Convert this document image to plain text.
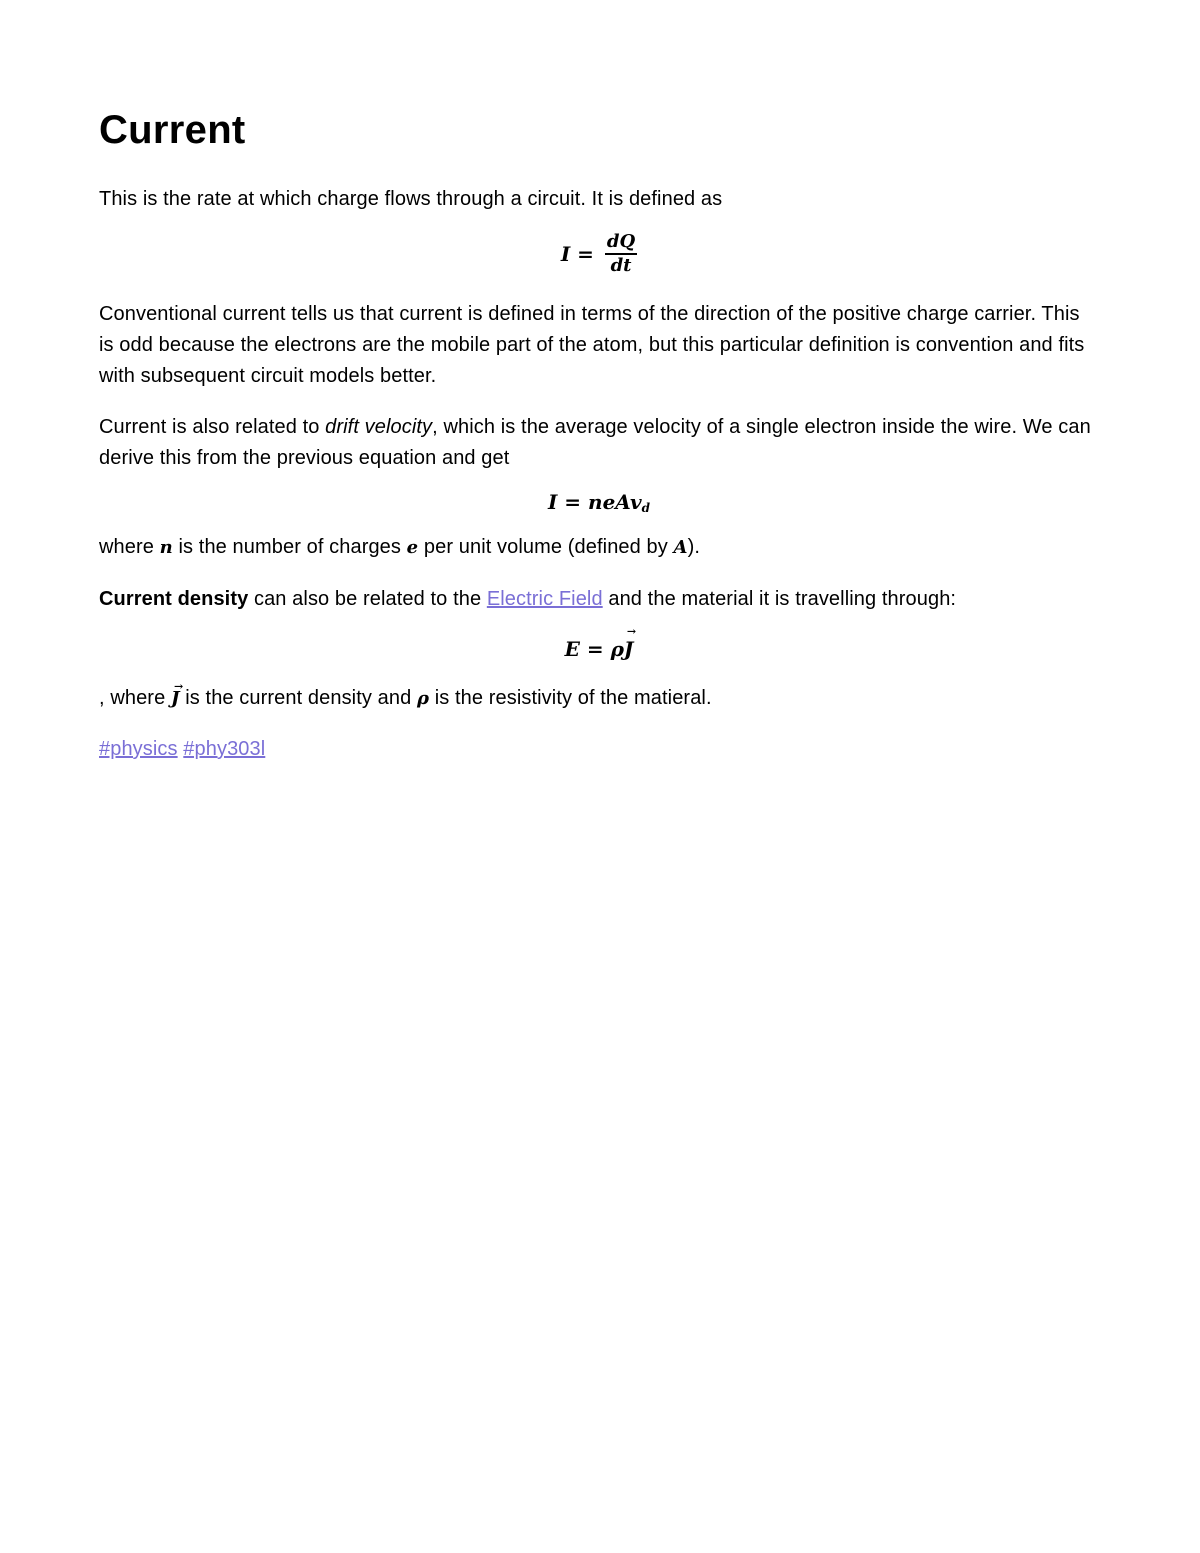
Current

This is the rate at which charge flows through a circuit. It is defined as

$I = \frac{dQ}{dt}$

Conventional current tells us that current is defined in terms of the direction of the positive charge carrier. This is odd because the electrons are the mobile part of the atom, but this particular definition is convention and fits with subsequent circuit models better.

Current is also related to drift velocity, which is the average velocity of a single electron inside the wire. We can derive this from the previous equation and get

I = neAv$_d$

where n is the number of charges e per unit volume (defined by A).

Current density can also be related to the Electric Field and the material it is travelling through:

E = ρJ
→

, where J
→
is the current density and ρ is the resistivity of the matieral.

#physics #phy303l
